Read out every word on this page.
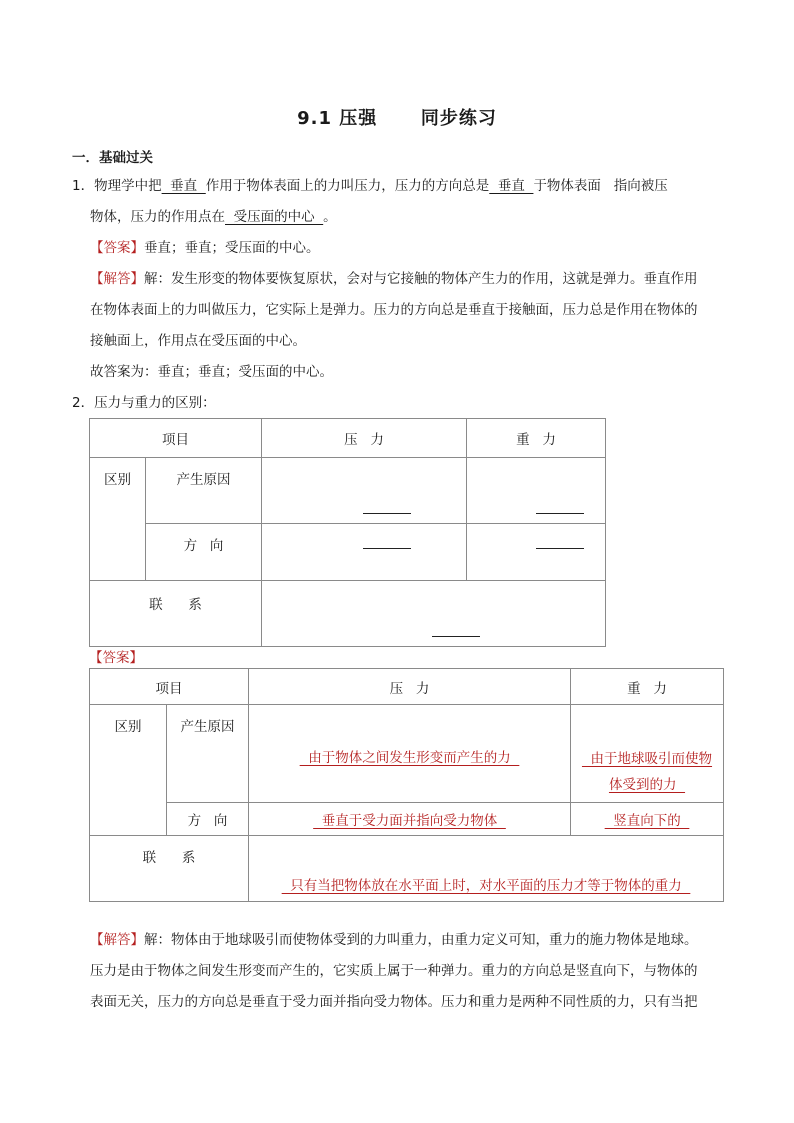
9.1 压强      同步练习
一．基础过关
1．物理学中把  垂直  作用于物体表面上的力叫压力，压力的方向总是  垂直  于物体表面   指向被压
物体，压力的作用点在  受压面的中心  。
【答案】垂直；垂直；受压面的中心。
【解答】解：发生形变的物体要恢复原状，会对与它接触的物体产生力的作用，这就是弹力。垂直作用
在物体表面上的力叫做压力，它实际上是弹力。压力的方向总是垂直于接触面，压力总是作用在物体的
接触面上，作用点在受压面的中心。
故答案为：垂直；垂直；受压面的中心。
2．压力与重力的区别：
项目		压   力	重   力
区别	产生原因	

	方   向	

联      系			
【答案】
项目		压   力	重   力
区别	产生原因	由于物体之间发生形变而产生的力	由于地球吸引而使物
体受到的力
	方   向	垂直于受力面并指向受力物体	竖直向下的
联      系		只有当把物体放在水平面上时，对水平面的压力才等于物体的重力	
【解答】解：物体由于地球吸引而使物体受到的力叫重力，由重力定义可知，重力的施力物体是地球。
压力是由于物体之间发生形变而产生的，它实质上属于一种弹力。重力的方向总是竖直向下，与物体的
表面无关，压力的方向总是垂直于受力面并指向受力物体。压力和重力是两种不同性质的力，只有当把
